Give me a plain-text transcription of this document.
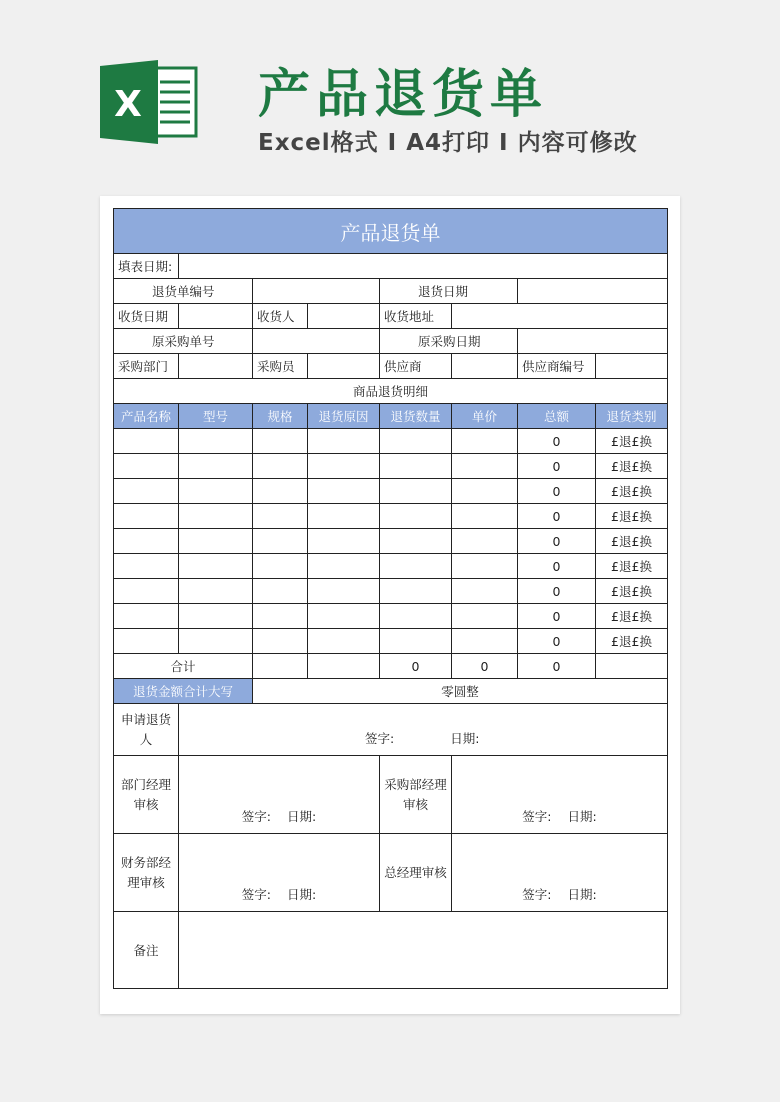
X 产品退货单
Excel格式 I A4打印 I 内容可修改
产品退货单							
填表日期:							
退货单编号				退货日期			
收货日期		收货人		收货地址			
原采购单号				原采购日期			
采购部门		采购员		供应商		供应商编号	
商品退货明细							
产品名称	型号	规格	退货原因	退货数量	单价	总额	退货类别
						0	£退£换
						0	£退£换
						0	£退£换
						0	£退£换
						0	£退£换
						0	£退£换
						0	£退£换
						0	£退£换
						0	£退£换
合计				0	0	0	
退货金额合计大写		零圆整					
申请退货人	签字: 日期:						

部门经理审核	签字: 日期:			采购部经理审核	签字: 日期:		

财务部经理审核	签字: 日期:			总经理审核	签字: 日期:		

备注							
